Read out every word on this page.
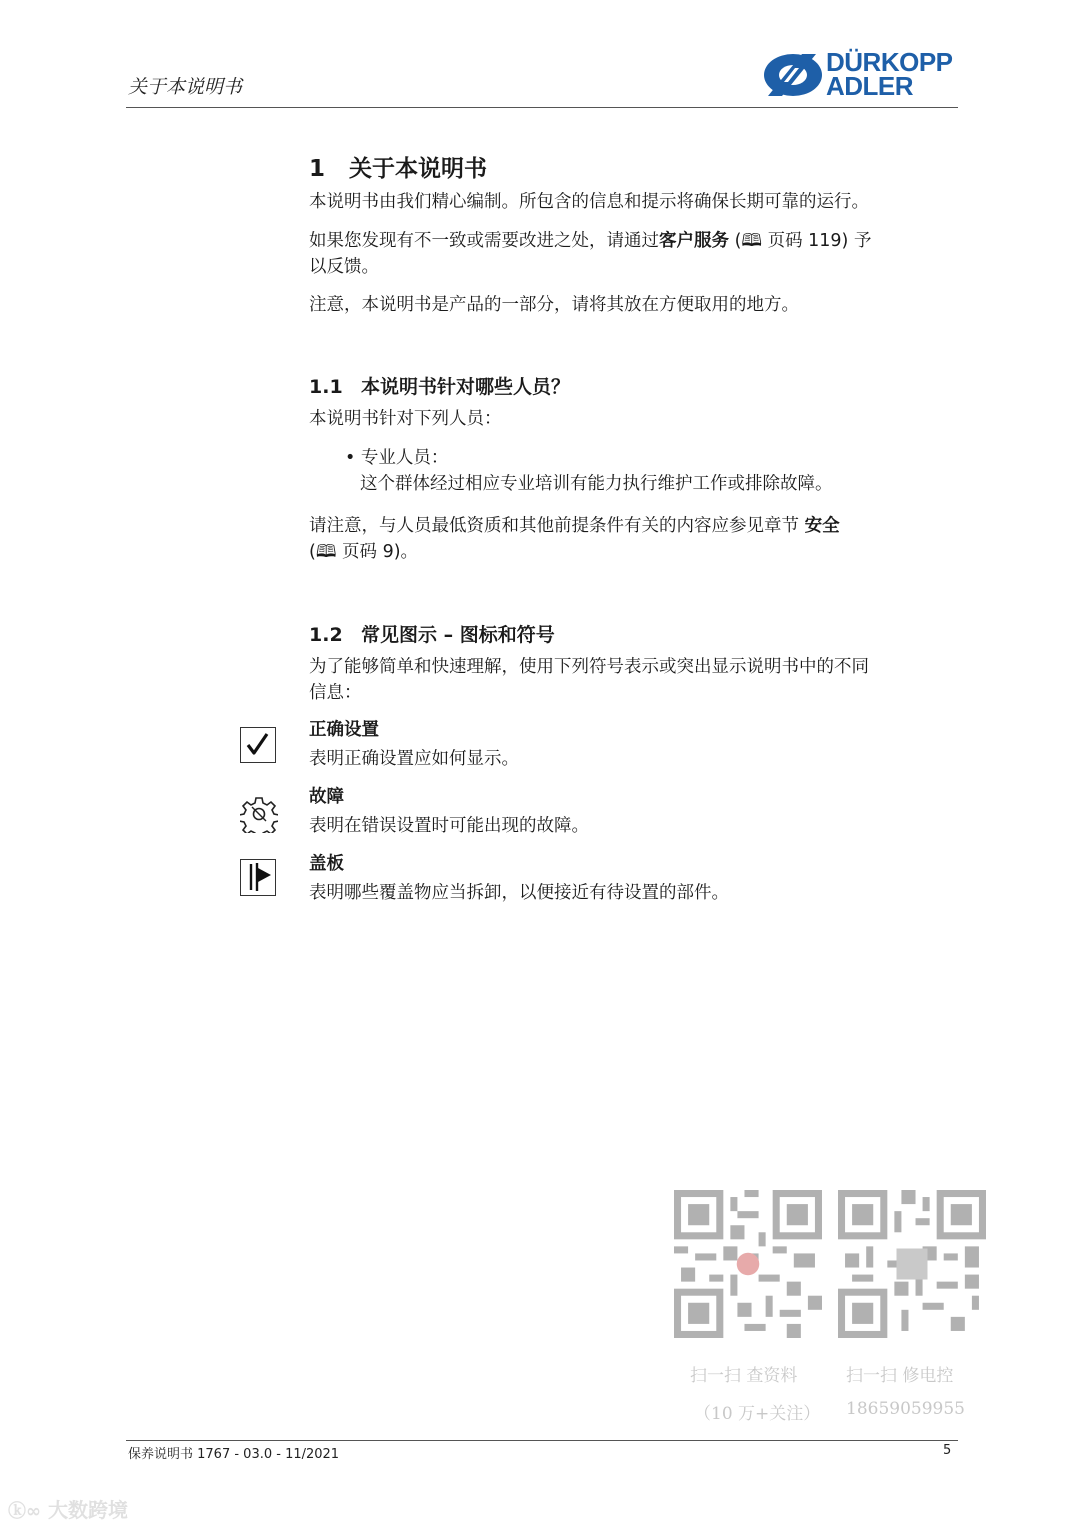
关于本说明书
DÜRKOPP
ADLER
1 关于本说明书
本说明书由我们精心编制。所包含的信息和提示将确保长期可靠的运行。
如果您发现有不一致或需要改进之处，请通过客户服务 (🕮 页码 119) 予
以反馈。
注意，本说明书是产品的一部分，请将其放在方便取用的地方。
1.1 本说明书针对哪些人员？
本说明书针对下列人员：
• 专业人员：
这个群体经过相应专业培训有能力执行维护工作或排除故障。
请注意，与人员最低资质和其他前提条件有关的内容应参见章节 安全
(🕮 页码 9)。
1.2 常见图示 – 图标和符号
为了能够简单和快速理解，使用下列符号表示或突出显示说明书中的不同
信息：
正确设置
表明正确设置应如何显示。
故障
表明在错误设置时可能出现的故障。
盖板
表明哪些覆盖物应当拆卸，以便接近有待设置的部件。
扫一扫 查资料
（10 万+关注）
扫一扫 修电控
18659059955
保养说明书 1767 - 03.0 - 11/2021	5
ⓚ∞ 大数跨境
